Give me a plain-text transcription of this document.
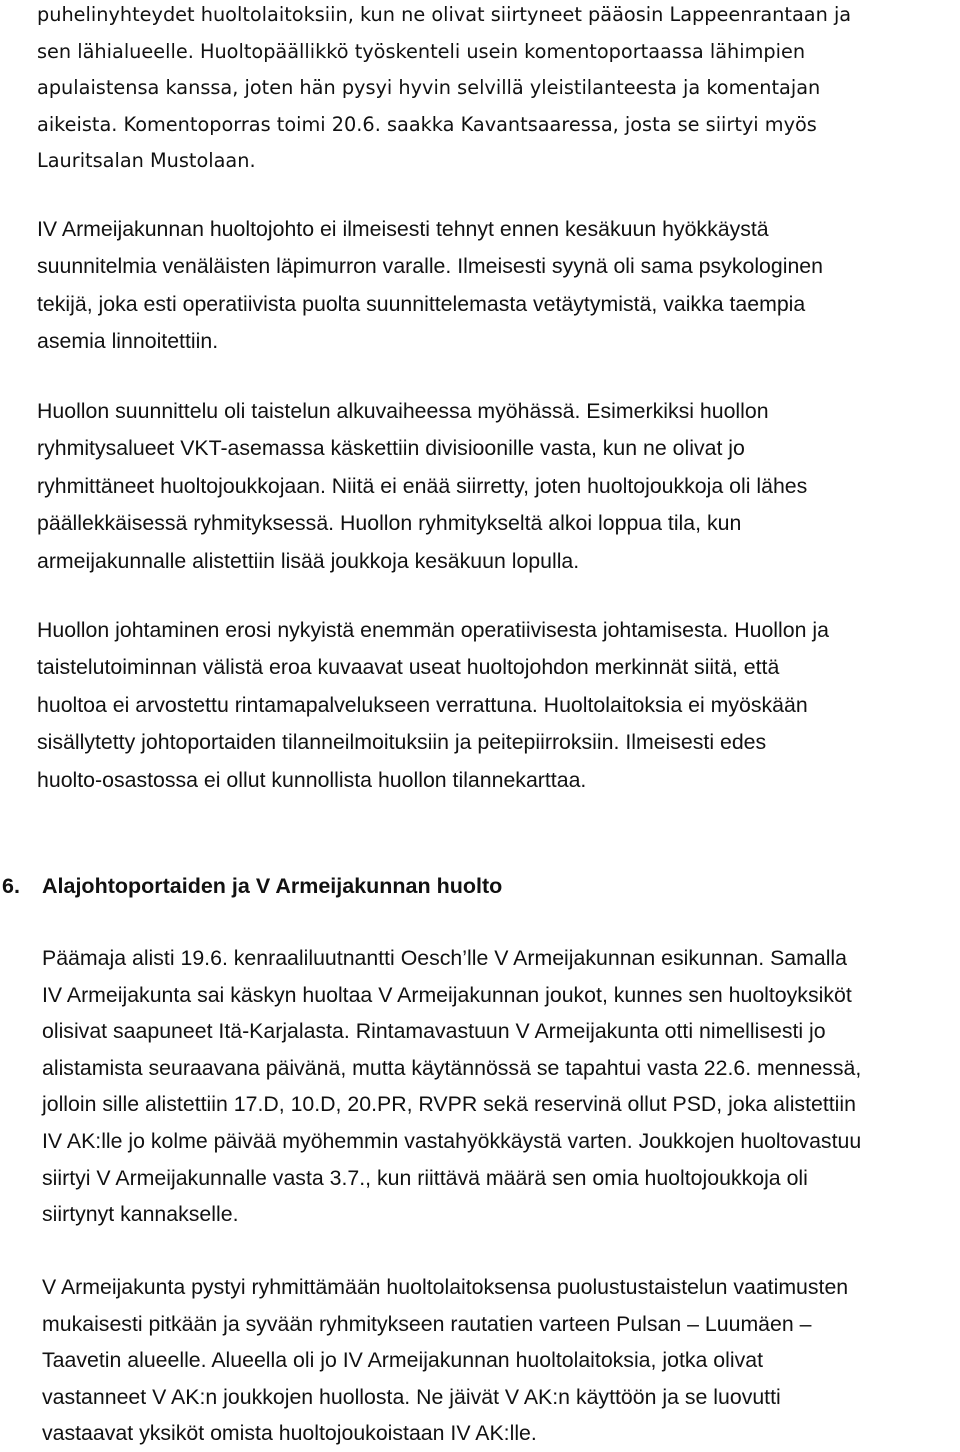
puhelinyhteydet huoltolaitoksiin, kun ne olivat siirtyneet pääosin Lappeenrantaan ja
sen lähialueelle. Huoltopäällikkö työskenteli usein komentoportaassa lähimpien
apulaistensa kanssa, joten hän pysyi hyvin selvillä yleistilanteesta ja komentajan
aikeista. Komentoporras toimi 20.6. saakka Kavantsaaressa, josta se siirtyi myös
Lauritsalan Mustolaan.

IV Armeijakunnan huoltojohto ei ilmeisesti tehnyt ennen kesäkuun hyökkäystä
suunnitelmia venäläisten läpimurron varalle. Ilmeisesti syynä oli sama psykologinen
tekijä, joka esti operatiivista puolta suunnittelemasta vetäytymistä, vaikka taempia
asemia linnoitettiin.

Huollon suunnittelu oli taistelun alkuvaiheessa myöhässä. Esimerkiksi huollon
ryhmitysalueet VKT-asemassa käskettiin divisioonille vasta, kun ne olivat jo
ryhmittäneet huoltojoukkojaan. Niitä ei enää siirretty, joten huoltojoukkoja oli lähes
päällekkäisessä ryhmityksessä. Huollon ryhmitykseltä alkoi loppua tila, kun
armeijakunnalle alistettiin lisää joukkoja kesäkuun lopulla.

Huollon johtaminen erosi nykyistä enemmän operatiivisesta johtamisesta. Huollon ja
taistelutoiminnan välistä eroa kuvaavat useat huoltojohdon merkinnät siitä, että
huoltoa ei arvostettu rintamapalvelukseen verrattuna. Huoltolaitoksia ei myöskään
sisällytetty johtoportaiden tilanneilmoituksiin ja peitepiirroksiin. Ilmeisesti edes
huolto-osastossa ei ollut kunnollista huollon tilannekarttaa.

6. Alajohtoportaiden ja V Armeijakunnan huolto

Päämaja alisti 19.6. kenraaliluutnantti Oesch’lle V Armeijakunnan esikunnan. Samalla
IV Armeijakunta sai käskyn huoltaa V Armeijakunnan joukot, kunnes sen huoltoyksiköt
olisivat saapuneet Itä-Karjalasta. Rintamavastuun V Armeijakunta otti nimellisesti jo
alistamista seuraavana päivänä, mutta käytännössä se tapahtui vasta 22.6. mennessä,
jolloin sille alistettiin 17.D, 10.D, 20.PR, RVPR sekä reservinä ollut PSD, joka alistettiin
IV AK:lle jo kolme päivää myöhemmin vastahyökkäystä varten. Joukkojen huoltovastuu
siirtyi V Armeijakunnalle vasta 3.7., kun riittävä määrä sen omia huoltojoukkoja oli
siirtynyt kannakselle.

V Armeijakunta pystyi ryhmittämään huoltolaitoksensa puolustustaistelun vaatimusten
mukaisesti pitkään ja syvään ryhmitykseen rautatien varteen Pulsan – Luumäen –
Taavetin alueelle. Alueella oli jo IV Armeijakunnan huoltolaitoksia, jotka olivat
vastanneet V AK:n joukkojen huollosta. Ne jäivät V AK:n käyttöön ja se luovutti
vastaavat yksiköt omista huoltojoukoistaan IV AK:lle.
